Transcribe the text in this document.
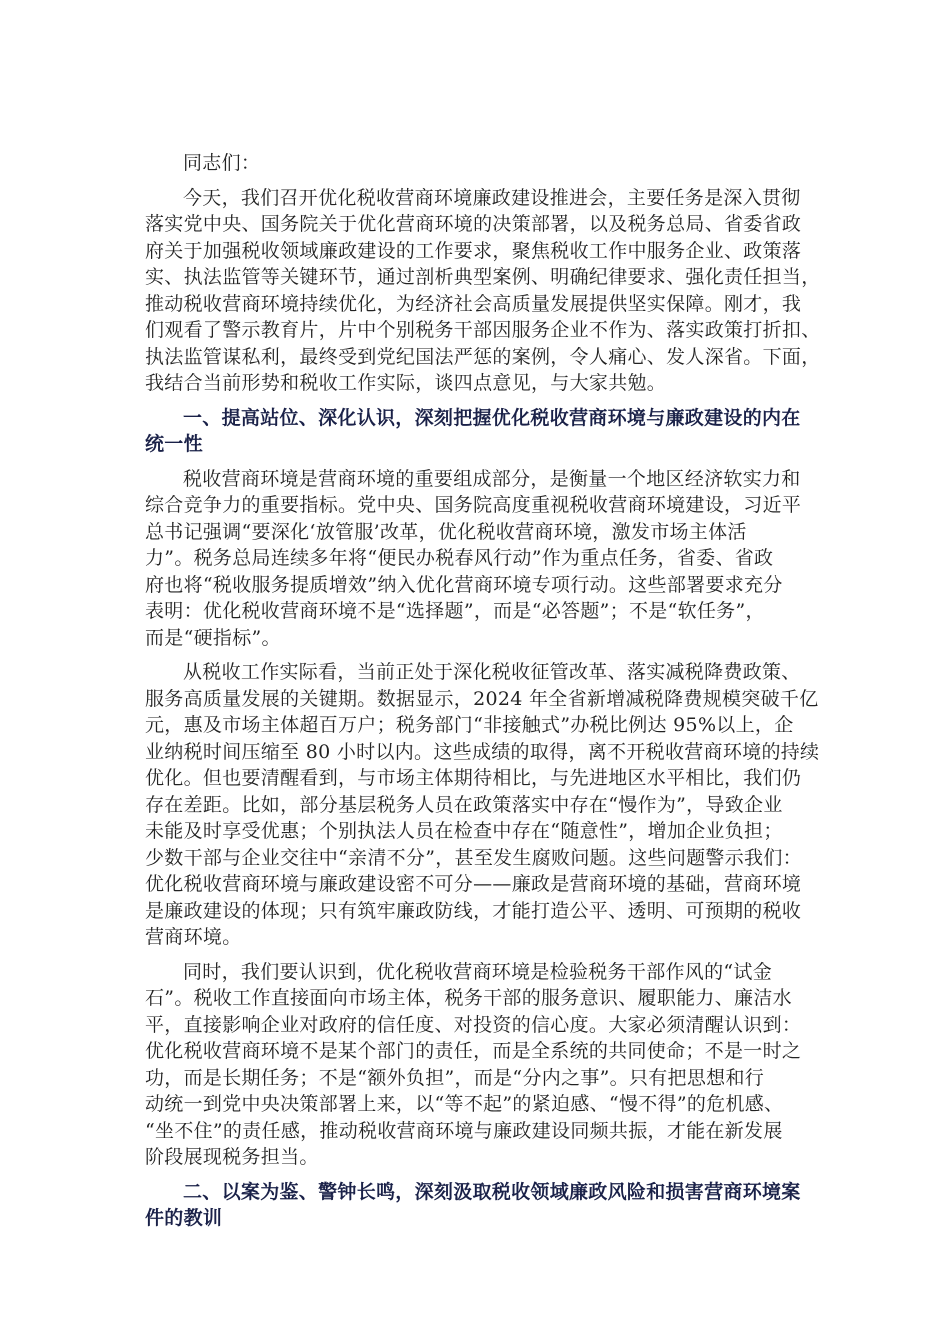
同志们：
今天，我们召开优化税收营商环境廉政建设推进会，主要任务是深入贯彻
落实党中央、国务院关于优化营商环境的决策部署，以及税务总局、省委省政
府关于加强税收领域廉政建设的工作要求，聚焦税收工作中服务企业、政策落
实、执法监管等关键环节，通过剖析典型案例、明确纪律要求、强化责任担当，
推动税收营商环境持续优化，为经济社会高质量发展提供坚实保障。刚才，我
们观看了警示教育片，片中个别税务干部因服务企业不作为、落实政策打折扣、
执法监管谋私利，最终受到党纪国法严惩的案例，令人痛心、发人深省。下面，
我结合当前形势和税收工作实际，谈四点意见，与大家共勉。
一、提高站位、深化认识，深刻把握优化税收营商环境与廉政建设的内在
统一性
税收营商环境是营商环境的重要组成部分，是衡量一个地区经济软实力和
综合竞争力的重要指标。党中央、国务院高度重视税收营商环境建设，习近平
总书记强调“要深化‘放管服’改革，优化税收营商环境，激发市场主体活
力”。税务总局连续多年将“便民办税春风行动”作为重点任务，省委、省政
府也将“税收服务提质增效”纳入优化营商环境专项行动。这些部署要求充分
表明：优化税收营商环境不是“选择题”，而是“必答题”；不是“软任务”，
而是“硬指标”。
从税收工作实际看，当前正处于深化税收征管改革、落实减税降费政策、
服务高质量发展的关键期。数据显示，2024 年全省新增减税降费规模突破千亿
元，惠及市场主体超百万户；税务部门“非接触式”办税比例达 95%以上，企
业纳税时间压缩至 80 小时以内。这些成绩的取得，离不开税收营商环境的持续
优化。但也要清醒看到，与市场主体期待相比，与先进地区水平相比，我们仍
存在差距。比如，部分基层税务人员在政策落实中存在“慢作为”，导致企业
未能及时享受优惠；个别执法人员在检查中存在“随意性”，增加企业负担；
少数干部与企业交往中“亲清不分”，甚至发生腐败问题。这些问题警示我们：
优化税收营商环境与廉政建设密不可分——廉政是营商环境的基础，营商环境
是廉政建设的体现；只有筑牢廉政防线，才能打造公平、透明、可预期的税收
营商环境。
同时，我们要认识到，优化税收营商环境是检验税务干部作风的“试金
石”。税收工作直接面向市场主体，税务干部的服务意识、履职能力、廉洁水
平，直接影响企业对政府的信任度、对投资的信心度。大家必须清醒认识到：
优化税收营商环境不是某个部门的责任，而是全系统的共同使命；不是一时之
功，而是长期任务；不是“额外负担”，而是“分内之事”。只有把思想和行
动统一到党中央决策部署上来，以“等不起”的紧迫感、“慢不得”的危机感、
“坐不住”的责任感，推动税收营商环境与廉政建设同频共振，才能在新发展
阶段展现税务担当。
二、以案为鉴、警钟长鸣，深刻汲取税收领域廉政风险和损害营商环境案
件的教训
